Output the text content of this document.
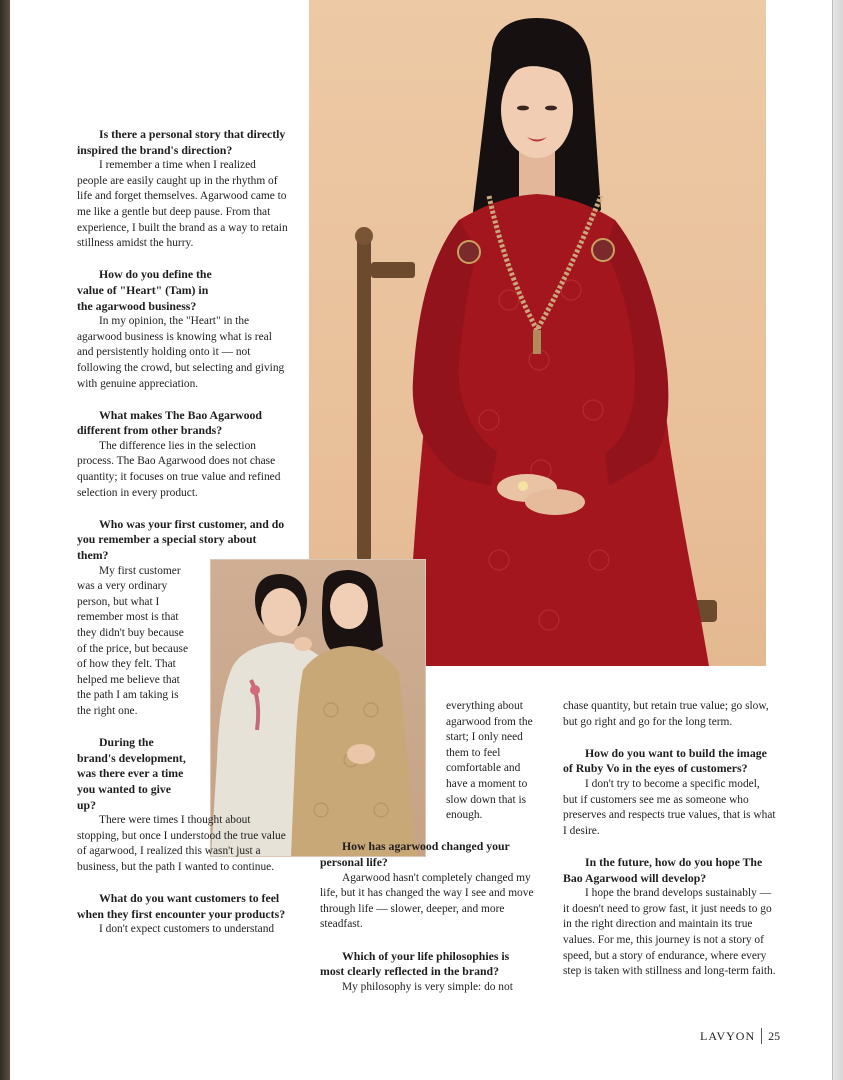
Is there a personal story that directly inspired the brand's direction?

I remember a time when I realized people are easily caught up in the rhythm of life and forget themselves. Agarwood came to me like a gentle but deep pause. From that experience, I built the brand as a way to retain stillness amidst the hurry.

How do you define the value of "Heart" (Tam) in the agarwood business?

In my opinion, the "Heart" in the agarwood business is knowing what is real and persistently holding onto it — not following the crowd, but selecting and giving with genuine appreciation.

What makes The Bao Agarwood different from other brands?

The difference lies in the selection process. The Bao Agarwood does not chase quantity; it focuses on true value and refined selection in every product.

Who was your first customer, and do you remember a special story about them?

My first customer was a very ordinary person, but what I remember most is that they didn't buy because of the price, but because of how they felt. That helped me believe that the path I am taking is the right one.

During the brand's development, was there ever a time you wanted to give up?

There were times I thought about stopping, but once I understood the true value of agarwood, I realized this wasn't just a business, but the path I wanted to continue.

What do you want customers to feel when they first encounter your products?

I don't expect customers to understand

everything about agarwood from the start; I only need them to feel comfortable and have a moment to slow down that is enough.

How has agarwood changed your personal life?

Agarwood hasn't completely changed my life, but it has changed the way I see and move through life — slower, deeper, and more steadfast.

Which of your life philosophies is most clearly reflected in the brand?

My philosophy is very simple: do not

chase quantity, but retain true value; go slow, but go right and go for the long term.

How do you want to build the image of Ruby Vo in the eyes of customers?

I don't try to become a specific model, but if customers see me as someone who preserves and respects true values, that is what I desire.

In the future, how do you hope The Bao Agarwood will develop?

I hope the brand develops sustainably — it doesn't need to grow fast, it just needs to go in the right direction and maintain its true values. For me, this journey is not a story of speed, but a story of endurance, where every step is taken with stillness and long-term faith.

LAVYON 25
